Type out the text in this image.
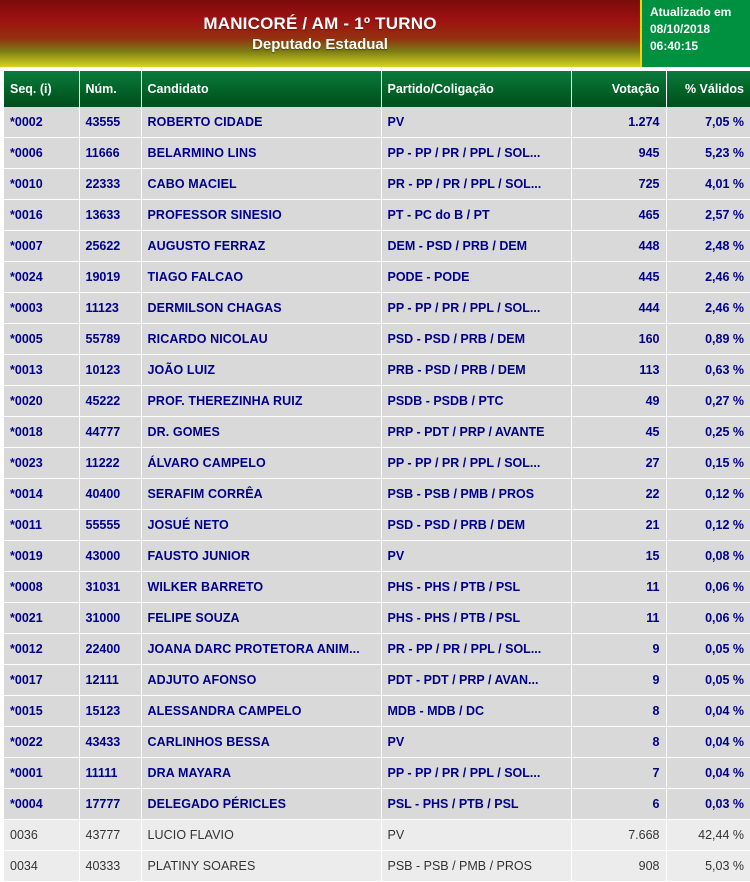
MANICORÉ / AM - 1º TURNO
Deputado Estadual
Atualizado em
08/10/2018
06:40:15
Seq. (i)	Núm.	Candidato	Partido/Coligação	Votação	% Válidos
*0002	43555	ROBERTO CIDADE	PV	1.274	7,05 %
*0006	11666	BELARMINO LINS	PP - PP / PR / PPL / SOL...	945	5,23 %
*0010	22333	CABO MACIEL	PR - PP / PR / PPL / SOL...	725	4,01 %
*0016	13633	PROFESSOR SINESIO	PT - PC do B / PT	465	2,57 %
*0007	25622	AUGUSTO FERRAZ	DEM - PSD / PRB / DEM	448	2,48 %
*0024	19019	TIAGO FALCAO	PODE - PODE	445	2,46 %
*0003	11123	DERMILSON CHAGAS	PP - PP / PR / PPL / SOL...	444	2,46 %
*0005	55789	RICARDO NICOLAU	PSD - PSD / PRB / DEM	160	0,89 %
*0013	10123	JOÃO LUIZ	PRB - PSD / PRB / DEM	113	0,63 %
*0020	45222	PROF. THEREZINHA RUIZ	PSDB - PSDB / PTC	49	0,27 %
*0018	44777	DR. GOMES	PRP - PDT / PRP / AVANTE	45	0,25 %
*0023	11222	ÁLVARO CAMPELO	PP - PP / PR / PPL / SOL...	27	0,15 %
*0014	40400	SERAFIM CORRÊA	PSB - PSB / PMB / PROS	22	0,12 %
*0011	55555	JOSUÉ NETO	PSD - PSD / PRB / DEM	21	0,12 %
*0019	43000	FAUSTO JUNIOR	PV	15	0,08 %
*0008	31031	WILKER BARRETO	PHS - PHS / PTB / PSL	11	0,06 %
*0021	31000	FELIPE SOUZA	PHS - PHS / PTB / PSL	11	0,06 %
*0012	22400	JOANA DARC PROTETORA ANIM...	PR - PP / PR / PPL / SOL...	9	0,05 %
*0017	12111	ADJUTO AFONSO	PDT - PDT / PRP / AVAN...	9	0,05 %
*0015	15123	ALESSANDRA CAMPELO	MDB - MDB / DC	8	0,04 %
*0022	43433	CARLINHOS BESSA	PV	8	0,04 %
*0001	11111	DRA MAYARA	PP - PP / PR / PPL / SOL...	7	0,04 %
*0004	17777	DELEGADO PÉRICLES	PSL - PHS / PTB / PSL	6	0,03 %
0036	43777	LUCIO FLAVIO	PV	7.668	42,44 %
0034	40333	PLATINY SOARES	PSB - PSB / PMB / PROS	908	5,03 %
